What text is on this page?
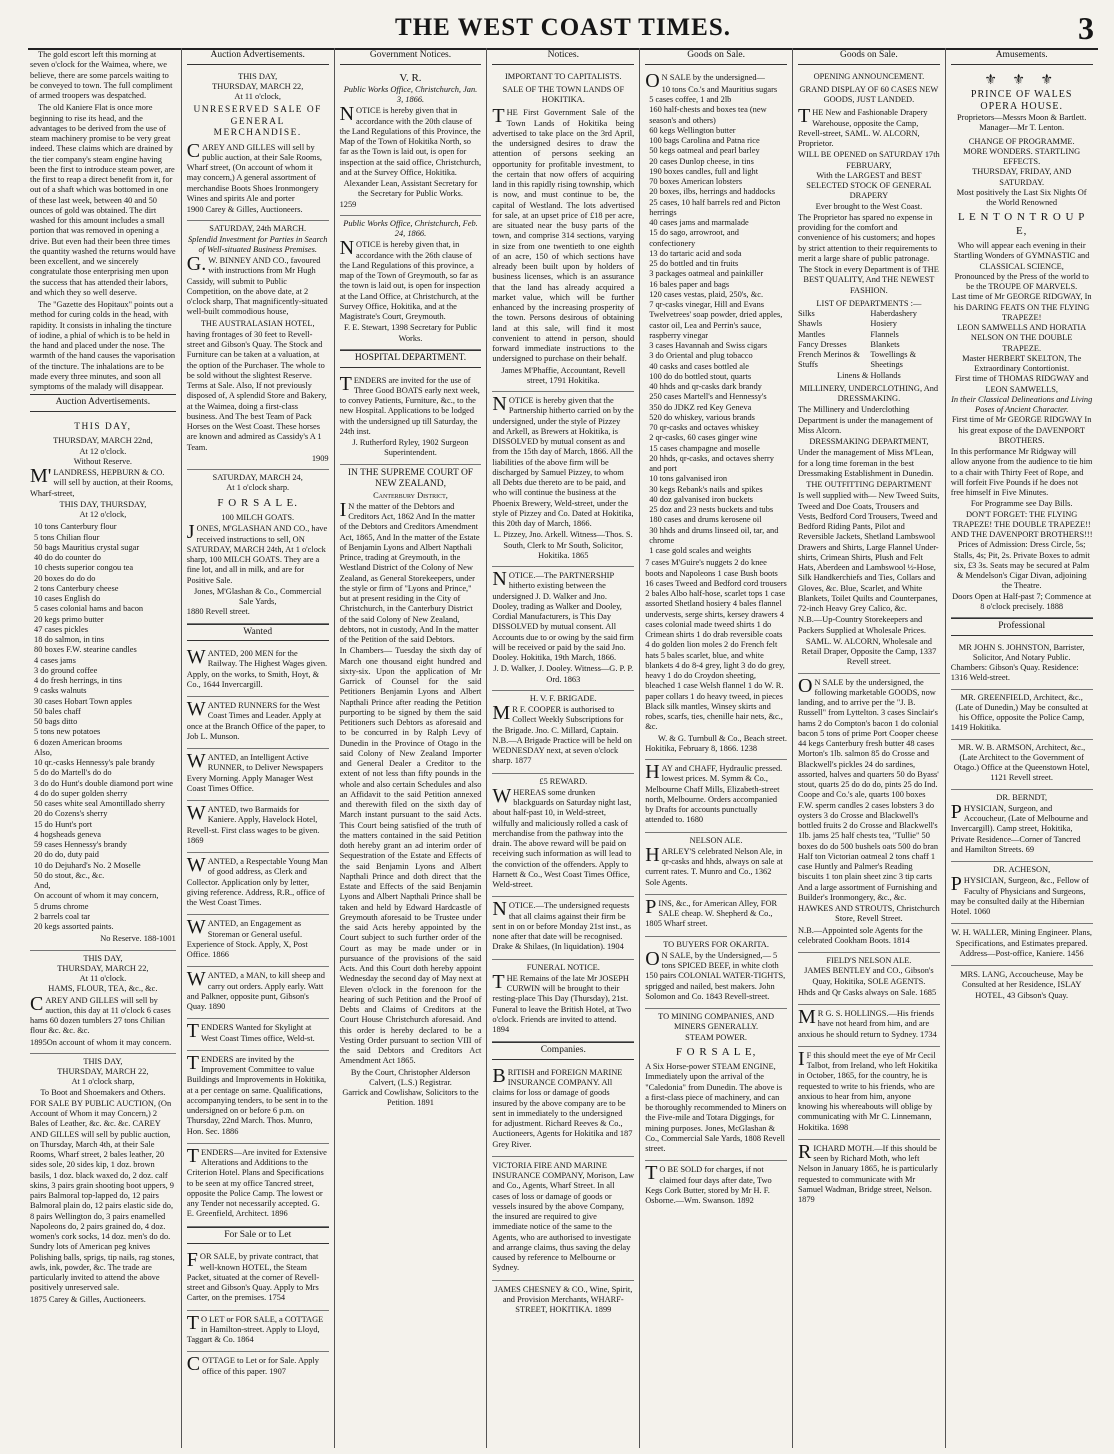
THE WEST COAST TIMES.	3

The gold escort left this morning at seven o'clock for the Waimea, where, we believe, there are some parcels waiting to be conveyed to town. The full compliment of armed troopers was despatched.

The old Kaniere Flat is once more beginning to rise its head, and the advantages to be derived from the use of steam machinery promise to be very great indeed. These claims which are drained by the tier company's steam engine having been the first to introduce steam power, are the first to reap a direct benefit from it, for out of a shaft which was bottomed in one of these last week, between 40 and 50 ounces of gold was obtained. The dirt washed for this amount includes a small portion that was removed in opening a drive. But even had their been three times the quantity washed the returns would have been excellent, and we sincerely congratulate those enterprising men upon the success that has attended their labors, and which they so well deserve.

The "Gazette des Hopitaux" points out a method for curing colds in the head, with rapidity. It consists in inhaling the tincture of iodine, a phial of which is to be held in the hand and placed under the nose. The warmth of the hand causes the vaporisation of the tincture. The inhalations are to be made every three minutes, and soon all symptoms of the malady will disappear.

Auction Advertisements.
THIS DAY,
THURSDAY, MARCH 22nd,
At 12 o'clock.
Without Reserve.

M'LANDRESS, HEPBURN & CO. will sell by auction, at their Rooms, Wharf-street,

THIS DAY, THURSDAY,
At 12 o'clock,
10 tons Canterbury flour
5 tons Chilian flour
50 bags Mauritius crystal sugar
40 do do counter do
10 chests superior congou tea
20 boxes do do do
2 tons Canterbury cheese
10 cases English do
5 cases colonial hams and bacon
20 kegs primo butter
47 cases pickles
18 do salmon, in tins
80 boxes F.W. stearine candles
4 cases jams
3 do ground coffee
4 do fresh herrings, in tins
9 casks walnuts
30 cases Hobart Town apples
50 bales chaff
50 bags ditto
5 tons new potatoes
6 dozen American brooms
Also,
10 qr.-casks Hennessy's pale brandy
5 do do Martell's do do
3 do do Hunt's double diamond port wine
4 do do super golden sherry
50 cases white seal Amontillado sherry
20 do Cozens's sherry
15 do Hunt's port
4 hogsheads geneva
59 cases Hennessy's brandy
20 do do, duty paid
10 do Dejuhard's No. 2 Moselle
50 do stout, &c., &c.
And,
On account of whom it may concern,
5 drums chrome
2 barrels coal tar
20 kegs assorted paints.
No Reserve. 188-1001
THIS DAY,
THURSDAY, MARCH 22,
At 11 o'clock.
HAMS, FLOUR, TEA, &c., &c.

CAREY AND GILLES will sell by auction, this day at 11 o'clock 6 cases hams 60 dozen tumblers 27 tons Chilian flour &c. &c. &c.

1895On account of whom it may concern.
THIS DAY,
THURSDAY, MARCH 22,
At 1 o'clock sharp,
To Boot and Shoemakers and Others.

FOR SALE BY PUBLIC AUCTION, (On Account of Whom it may Concern,) 2 Bales of Leather, &c. &c. &c. CAREY AND GILLES will sell by public auction, on Thursday, March 4th, at their Sale Rooms, Wharf street, 2 bales leather, 20 sides sole, 20 sides kip, 1 doz. brown basils, 1 doz. black waxed do, 2 doz. calf skins, 3 pairs grain shooting boot uppers, 9 pairs Balmoral top-lapped do, 12 pairs Balmoral plain do, 12 pairs elastic side do, 8 pairs Wellington do, 3 pairs enamelled Napoleons do, 2 pairs grained do, 4 doz. women's cork socks, 14 doz. men's do do. Sundry lots of American peg knives Polishing balls, sprigs, tip nails, rag stones, awls, ink, powder, &c. The trade are particularly invited to attend the above positively unreserved sale.

1875 Carey & Gilles, Auctioneers.
Auction Advertisements.
THIS DAY,
THURSDAY, MARCH 22,
At 11 o'clock,
UNRESERVED SALE OF GENERAL MERCHANDISE.

CAREY AND GILLES will sell by public auction, at their Sale Rooms, Wharf street, (On account of whom it may concern,) A general assortment of merchandise Boots Shoes Ironmongery Wines and spirits Ale and porter

1900 Carey & Gilles, Auctioneers.
SATURDAY, 24th MARCH.
Splendid Investment for Parties in Search of Well-situated Business Premises.

G.W. BINNEY AND CO., favoured with instructions from Mr Hugh Cassidy, will submit to Public Competition, on the above date, at 2 o'clock sharp, That magnificently-situated well-built commodious house,

THE AUSTRALASIAN HOTEL,

having frontages of 30 feet to Revell-street and Gibson's Quay. The Stock and Furniture can be taken at a valuation, at the option of the Purchaser. The whole to be sold without the slightest Reserve. Terms at Sale. Also, If not previously disposed of, A splendid Store and Bakery, at the Waimea, doing a first-class business. And The best Team of Pack Horses on the West Coast. These horses are known and admired as Cassidy's A 1 Team.

1909
SATURDAY, MARCH 24,
At 1 o'clock sharp.
F O R S A L E.
100 MILCH GOATS.

JONES, M'GLASHAN AND CO., have received instructions to sell, ON SATURDAY, MARCH 24th, At 1 o'clock sharp, 100 MILCH GOATS. They are a fine lot, and all in milk, and are for Positive Sale.

Jones, M'Glashan & Co., Commercial Sale Yards,
1880 Revell street.
Wanted

WANTED, 200 MEN for the Railway. The Highest Wages given. Apply, on the works, to Smith, Hoyt, & Co., 1644 Invercargill.

WANTED RUNNERS for the West Coast Times and Leader. Apply at once at the Branch Office of the paper, to Job L. Munson.

WANTED, an Intelligent Active RUNNER, to Deliver Newspapers Every Morning. Apply Manager West Coast Times Office.

WANTED, two Barmaids for Kaniere. Apply, Havelock Hotel, Revell-st. First class wages to be given. 1869

WANTED, a Respectable Young Man of good address, as Clerk and Collector. Application only by letter, giving reference. Address, R.R., office of the West Coast Times.

WANTED, an Engagement as Storeman or General useful. Experience of Stock. Apply, X, Post Office. 1866

WANTED, a MAN, to kill sheep and carry out orders. Apply early. Watt and Palkner, opposite punt, Gibson's Quay. 1890

TENDERS Wanted for Skylight at West Coast Times office, Weld-st.

TENDERS are invited by the Improvement Committee to value Buildings and Improvements in Hokitika, at a per centage on same. Qualifications, accompanying tenders, to be sent in to the undersigned on or before 6 p.m. on Thursday, 22nd March. Thos. Munro, Hon. Sec. 1886

TENDERS—Are invited for Extensive Alterations and Additions to the Criterion Hotel. Plans and Specifications to be seen at my office Tancred street, opposite the Police Camp. The lowest or any Tender not necessarily accepted. G. E. Greenfield, Architect. 1896

For Sale or to Let

FOR SALE, by private contract, that well-known HOTEL, the Steam Packet, situated at the corner of Revell-street and Gibson's Quay. Apply to Mrs Carter, on the premises. 1754

TO LET or FOR SALE, a COTTAGE in Hamilton-street. Apply to Lloyd, Taggart & Co. 1864

COTTAGE to Let or for Sale. Apply office of this paper. 1907

Government Notices.
V. R.
Public Works Office, Christchurch, Jan. 3, 1866.

NOTICE is hereby given that in accordance with the 20th clause of the Land Regulations of this Province, the Map of the Town of Hokitika North, so far as the Town is laid out, is open for inspection at the said office, Christchurch, and at the Survey Office, Hokitika.

Alexander Lean, Assistant Secretary for the Secretary for Public Works.
1259
Public Works Office, Christchurch, Feb. 24, 1866.

NOTICE is hereby given that, in accordance with the 26th clause of the Land Regulations of this province, a map of the Town of Greymouth, so far as the town is laid out, is open for inspection at the Land Office, at Christchurch, at the Survey Office, Hokitika, and at the Magistrate's Court, Greymouth.

F. E. Stewart, 1398 Secretary for Public Works.
HOSPITAL DEPARTMENT.

TENDERS are invited for the use of Three Good BOATS early next week, to convey Patients, Furniture, &c., to the new Hospital. Applications to be lodged with the undersigned up till Saturday, the 24th inst.

J. Rutherford Ryley, 1902 Surgeon Superintendent.
IN THE SUPREME COURT OF NEW ZEALAND,
Canterbury District,

IN the matter of the Debtors and Creditors Act, 1862 And In the matter of the Debtors and Creditors Amendment Act, 1865, And In the matter of the Estate of Benjamin Lyons and Albert Napthali Prince, trading at Greymouth, in the Westland District of the Colony of New Zealand, as General Storekeepers, under the style or firm of "Lyons and Prince," but at present residing in the City of Christchurch, in the Canterbury District of the said Colony of New Zealand, debtors, not in custody, And In the matter of the Petition of the said Debtors.

In Chambers— Tuesday the sixth day of March one thousand eight hundred and sixty-six. Upon the application of Mr Garrick of Counsel for the said Petitioners Benjamin Lyons and Albert Napthali Prince after reading the Petition purporting to be signed by them the said Petitioners such Debtors as aforesaid and to be concurred in by Ralph Levy of Dunedin in the Province of Otago in the said Colony of New Zealand Importer and General Dealer a Creditor to the extent of not less than fifty pounds in the whole and also certain Schedules and also an Affidavit to the said Petition annexed and therewith filed on the sixth day of March instant pursuant to the said Acts. This Court being satisfied of the truth of the matters contained in the said Petition doth hereby grant an ad interim order of Sequestration of the Estate and Effects of the said Benjamin Lyons and Albert Napthali Prince and doth direct that the Estate and Effects of the said Benjamin Lyons and Albert Napthali Prince shall be taken and held by Edward Hardcastle of Greymouth aforesaid to be Trustee under the said Acts hereby appointed by the Court subject to such further order of the Court as may be made under or in pursuance of the provisions of the said Acts. And this Court doth hereby appoint Wednesday the second day of May next at Eleven o'clock in the forenoon for the hearing of such Petition and the Proof of Debts and Claims of Creditors at the Court House Christchurch aforesaid. And this order is hereby declared to be a Vesting Order pursuant to section VIII of the said Debtors and Creditors Act Amendment Act 1865.

By the Court, Christopher Alderson Calvert, (L.S.) Registrar.
Garrick and Cowlishaw, Solicitors to the Petition. 1891
Notices.
IMPORTANT TO CAPITALISTS.
SALE OF THE TOWN LANDS OF HOKITIKA.

THE First Government Sale of the Town Lands of Hokitika being advertised to take place on the 3rd April, the undersigned desires to draw the attention of persons seeking an opportunity for profitable investment, to the certain that now offers of acquiring land in this rapidly rising township, which is now, and must continue to be, the capital of Westland. The lots advertised for sale, at an upset price of £18 per acre, are situated near the busy parts of the town, and comprise 314 sections, varying in size from one twentieth to one eighth of an acre, 150 of which sections have already been built upon by holders of business licenses, which is an assurance that the land has already acquired a market value, which will be further enhanced by the increasing prosperity of the town. Persons desirous of obtaining land at this sale, will find it most convenient to attend in person, should forward immediate instructions to the undersigned to purchase on their behalf.

James M'Phaffie, Accountant, Revell street, 1791 Hokitika.

NOTICE is hereby given that the Partnership hitherto carried on by the undersigned, under the style of Pizzey and Arkell, as Brewers at Hokitika, is DISSOLVED by mutual consent as and from the 15th day of March, 1866. All the liabilities of the above firm will be discharged by Samuel Pizzey, to whom all Debts due thereto are to be paid, and who will continue the business at the Phoenix Brewery, Weld-street, under the style of Pizzey and Co. Dated at Hokitika, this 20th day of March, 1866.

L. Pizzey, Jno. Arkell. Witness—Thos. S. South, Clerk to Mr South, Solicitor, Hokitika. 1865

NOTICE.—The PARTNERSHIP hitherto existing between the undersigned J. D. Walker and Jno. Dooley, trading as Walker and Dooley, Cordial Manufacturers, is This Day DISSOLVED by mutual consent. All Accounts due to or owing by the said firm will be received or paid by the said Jno. Dooley. Hokitika, 19th March, 1866.

J. D. Walker, J. Dooley. Witness—G. P. P. Ord. 1863
H. V. F. BRIGADE.

MR F. COOPER is authorised to Collect Weekly Subscriptions for the Brigade. Jno. C. Millard, Captain. N.B.—A Brigade Practice will be held on WEDNESDAY next, at seven o'clock sharp. 1877

£5 REWARD.

WHEREAS some drunken blackguards on Saturday night last, about half-past 10, in Weld-street, wilfully and maliciously rolled a cask of merchandise from the pathway into the drain. The above reward will be paid on receiving such information as will lead to the conviction of the offenders. Apply to Harnett & Co., West Coast Times Office, Weld-street.

NOTICE.—The undersigned requests that all claims against their firm be sent in on or before Monday 21st inst., as none after that date will be recognised. Drake & Shilaes, (In liquidation). 1904

FUNERAL NOTICE.

THE Remains of the late Mr JOSEPH CURWIN will be brought to their resting-place This Day (Thursday), 21st. Funeral to leave the British Hotel, at Two o'clock. Friends are invited to attend. 1894

Companies.

BRITISH and FOREIGN MARINE INSURANCE COMPANY. All claims for loss or damage of goods insured by the above company are to be sent in immediately to the undersigned for adjustment. Richard Reeves & Co., Auctioneers, Agents for Hokitika and 187 Grey River.

VICTORIA FIRE AND MARINE INSURANCE COMPANY, Morison, Law and Co., Agents, Wharf Street. In all cases of loss or damage of goods or vessels insured by the above Company, the insured are required to give immediate notice of the same to the Agents, who are authorised to investigate and arrange claims, thus saving the delay caused by reference to Melbourne or Sydney.

JAMES CHESNEY & CO., Wine, Spirit, and Provision Merchants, WHARF-STREET, HOKITIKA. 1899

Goods on Sale.

ON SALE by the undersigned—

10 tons Co.'s and Mauritius sugars
5 cases coffee, 1 and 2lb
160 half-chests and boxes tea (new season's and others)
60 kegs Wellington butter
100 bags Carolina and Patna rice
50 kegs oatmeal and pearl barley
20 cases Dunlop cheese, in tins
190 boxes candles, full and light
70 boxes American lobsters
20 boxes, ilbs, herrings and haddocks
25 cases, 10 half barrels red and Picton herrings
40 cases jams and marmalade
15 do sago, arrowroot, and confectionery
13 do tartaric acid and soda
25 do bottled and tin fruits
3 packages oatmeal and painkiller
16 bales paper and bags
120 cases vestas, plaid, 250's, &c.
7 qr-casks vinegar, Hill and Evans Twelvetrees' soap powder, dried apples, castor oil, Lea and Perrin's sauce, raspberry vinegar
3 cases Havannah and Swiss cigars
3 do Oriental and plug tobacco
40 casks and cases bottled ale
100 do do bottled stout, quarts
40 hhds and qr-casks dark brandy
250 cases Martell's and Hennessy's
350 do JDKZ red Key Geneva
520 do whiskey, various brands
70 qr-casks and octaves whiskey
2 qr-casks, 60 cases ginger wine
15 cases champagne and moselle
20 hhds, qr-casks, and octaves sherry and port
10 tons galvanised iron
30 kegs Rebank's nails and spikes
40 doz galvanised iron buckets
25 doz and 23 nests buckets and tubs
180 cases and drums kerosene oil
30 hhds and drums linseed oil, tar, and chrome
1 case gold scales and weights

7 cases M'Guire's nuggets 2 do knee boots and Napoleons 1 case Bush boots 16 cases Tweed and Bedford cord trousers 2 bales Albo half-hose, scarlet tops 1 case assorted Shetland hosiery 4 bales flannel undervests, serge shirts, kersey drawers 4 cases colonial made tweed shirts 1 do Crimean shirts 1 do drab reversible coats 4 do golden lion moles 2 do French felt hats 5 bales scarlet, blue, and white blankets 4 do 8-4 grey, light 3 do do grey, heavy 1 do do Croydon sheeting, bleached 1 case Welsh flannel 1 do W. R. paper collars 1 do heavy tweed, in pieces Black silk mantles, Winsey skirts and robes, scarfs, ties, chenille hair nets, &c., &c.

W. & G. Turnbull & Co., Beach street.
Hokitika, February 8, 1866. 1238

HAY and CHAFF, Hydraulic pressed. lowest prices. M. Symm & Co., Melbourne Chaff Mills, Elizabeth-street north, Melbourne. Orders accompanied by Drafts for accounts punctually attended to. 1680

NELSON ALE.

HARLEY'S celebrated Nelson Ale, in qr-casks and hhds, always on sale at current rates. T. Munro and Co., 1362 Sole Agents.

PINS, &c., for American Alley, FOR SALE cheap. W. Shepherd & Co., 1805 Wharf street.

TO BUYERS FOR OKARITA.

ON SALE, by the Undersigned,— 5 tons SPICED BEEF, in white cloth 150 pairs COLONIAL WATER-TIGHTS, sprigged and nailed, best makers. John Solomon and Co. 1843 Revell-street.

TO MINING COMPANIES, AND MINERS GENERALLY.
STEAM POWER.
F O R S A L E,

A Six Horse-power STEAM ENGINE, Immediately upon the arrival of the "Caledonia" from Dunedin. The above is a first-class piece of machinery, and can be thoroughly recommended to Miners on the Five-mile and Totara Diggings, for mining purposes. Jones, McGlashan & Co., Commercial Sale Yards, 1808 Revell street.

TO BE SOLD for charges, if not claimed four days after date, Two Kegs Cork Butter, stored by Mr H. F. Osborne.—Wm. Swanson. 1892

Goods on Sale.
OPENING ANNOUNCEMENT.
GRAND DISPLAY OF 60 CASES NEW GOODS, JUST LANDED.

THE New and Fashionable Drapery Warehouse, opposite the Camp, Revell-street, SAML. W. ALCORN, Proprietor.

WILL BE OPENED on SATURDAY 17th FEBRUARY,
With the LARGEST and BEST SELECTED STOCK OF GENERAL DRAPERY
Ever brought to the West Coast.

The Proprietor has spared no expense in providing for the comfort and convenience of his customers; and hopes by strict attention to their requirements to merit a large share of public patronage.

The Stock in every Department is of THE BEST QUALITY, And THE NEWEST FASHION.
LIST OF DEPARTMENTS :—
Silks
Shawls
Mantles
Fancy Dresses
French Merinos & Stuffs
Haberdashery
Hosiery
Flannels
Blankets
Towellings & Sheetings
Linens & Hollands
MILLINERY, UNDERCLOTHING, And DRESSMAKING.

The Millinery and Underclothing Department is under the management of Miss Alcorn.

DRESSMAKING DEPARTMENT,

Under the management of Miss M'Lean, for a long time foreman in the best Dressmaking Establishment in Dunedin.

THE OUTFITTING DEPARTMENT

Is well supplied with— New Tweed Suits, Tweed and Doe Coats, Trousers and Vests, Bedford Cord Trousers, Tweed and Bedford Riding Pants, Pilot and Reversible Jackets, Shetland Lambswool Drawers and Shirts, Large Flannel Under-shirts, Crimean Shirts, Plush and Felt Hats, Aberdeen and Lambswool ½-Hose, Silk Handkerchiefs and Ties, Collars and Gloves, &c. Blue, Scarlet, and White Blankets, Toilet Quilts and Counterpanes, 72-inch Heavy Grey Calico, &c.

N.B.—Up-Country Storekeepers and Packers Supplied at Wholesale Prices.

SAML. W. ALCORN, Wholesale and Retail Draper, Opposite the Camp, 1337 Revell street.

ON SALE by the undersigned, the following marketable GOODS, now landing, and to arrive per the "J. B. Russell" from Lyttelton. 3 cases Sinclair's hams 2 do Compton's bacon 1 do colonial bacon 5 tons of prime Port Cooper cheese 44 kegs Canterbury fresh butter 48 cases Morton's 1lb. salmon 85 do Crosse and Blackwell's pickles 24 do sardines, assorted, halves and quarters 50 do Byass' stout, quarts 25 do do do, pints 25 do Ind. Coope and Co.'s ale, quarts 100 boxes F.W. sperm candles 2 cases lobsters 3 do oysters 3 do Crosse and Blackwell's bottled fruits 2 do Crosse and Blackwell's 1lb. jams 25 half chests tea, "Tullie" 50 boxes do do 500 bushels oats 500 do bran Half ton Victorian oatmeal 2 tons chaff 1 case Huntly and Palmer's Reading biscuits 1 ton plain sheet zinc 3 tip carts And a large assortment of Furnishing and Builder's Ironmongery, &c., &c.

HAWKES AND STROUTS, Christchurch Store, Revell Street.

N.B.—Appointed sole Agents for the celebrated Cookham Boots. 1814

FIELD'S NELSON ALE.
JAMES BENTLEY and CO., Gibson's Quay, Hokitika, SOLE AGENTS.

Hhds and Qr Casks always on Sale. 1685

MR G. S. HOLLINGS.—His friends have not heard from him, and are anxious he should return to Sydney. 1734

IF this should meet the eye of Mr Cecil Talbot, from Ireland, who left Hokitika in October, 1865, for the country, he is requested to write to his friends, who are anxious to hear from him, anyone knowing his whereabouts will oblige by communicating with Mr C. Linnemann, Hokitika. 1698

RICHARD MOTH.—If this should be seen by Richard Moth, who left Nelson in January 1865, he is particularly requested to communicate with Mr Samuel Wadman, Bridge street, Nelson. 1879

Amusements.
⚜ ⚜ ⚜
PRINCE OF WALES OPERA HOUSE.
Proprietors—Messrs Moon & Bartlett.
Manager—Mr T. Lenton.
CHANGE OF PROGRAMME.
MORE WONDERS. STARTLING EFFECTS.
THURSDAY, FRIDAY, AND SATURDAY.
Most positively the Last Six Nights Of the World Renowned
L E N T O N T R O U P E,
Who will appear each evening in their Startling Wonders of GYMNASTIC and CLASSICAL SCIENCE,
Pronounced by the Press of the world to be the TROUPE OF MARVELS.
Last time of Mr GEORGE RIDGWAY, In his DARING FEATS ON THE FLYING TRAPEZE!
LEON SAMWELLS AND HORATIA NELSON ON THE DOUBLE TRAPEZE.
Master HERBERT SKELTON, The Extraordinary Contortionist.
First time of THOMAS RIDGWAY and LEON SAMWELLS,
In their Classical Delineations and Living Poses of Ancient Character.
First time of Mr GEORGE RIDGWAY In his great expose of the DAVENPORT BROTHERS.

In this performance Mr Ridgway will allow anyone from the audience to tie him to a chair with Thirty Feet of Rope, and will forfeit Five Pounds if he does not free himself in Five Minutes.

For Programme see Day Bills.
DON'T FORGET: THE FLYING TRAPEZE! THE DOUBLE TRAPEZE!! AND THE DAVENPORT BROTHERS!!!
Prices of Admission: Dress Circle, 5s; Stalls, 4s; Pit, 2s. Private Boxes to admit six, £3 3s. Seats may be secured at Palm & Mendelson's Cigar Divan, adjoining the Theatre.
Doors Open at Half-past 7; Commence at 8 o'clock precisely. 1888
Professional
MR JOHN S. JOHNSTON, Barrister, Solicitor, And Notary Public.
Chambers: Gibson's Quay. Residence: 1316 Weld-street.
MR. GREENFIELD, Architect, &c., (Late of Dunedin,) May be consulted at his Office, opposite the Police Camp,
1419 Hokitika.
MR. W. B. ARMSON, Architect, &c., (Late Architect to the Government of Otago.) Office at the Queenstown Hotel, 1121 Revell street.
DR. BERNDT,

PHYSICIAN, Surgeon, and Accoucheur, (Late of Melbourne and Invercargill). Camp street, Hokitika, Private Residence—Corner of Tancred and Hamilton Streets. 69

DR. ACHESON,

PHYSICIAN, Surgeon, &c., Fellow of Faculty of Physicians and Surgeons, may be consulted daily at the Hibernian Hotel. 1060

W. H. WALLER, Mining Engineer. Plans, Specifications, and Estimates prepared. Address—Post-office, Kaniere. 1456

MRS. LANG, Accoucheuse, May be Consulted at her Residence, ISLAY HOTEL, 43 Gibson's Quay.
